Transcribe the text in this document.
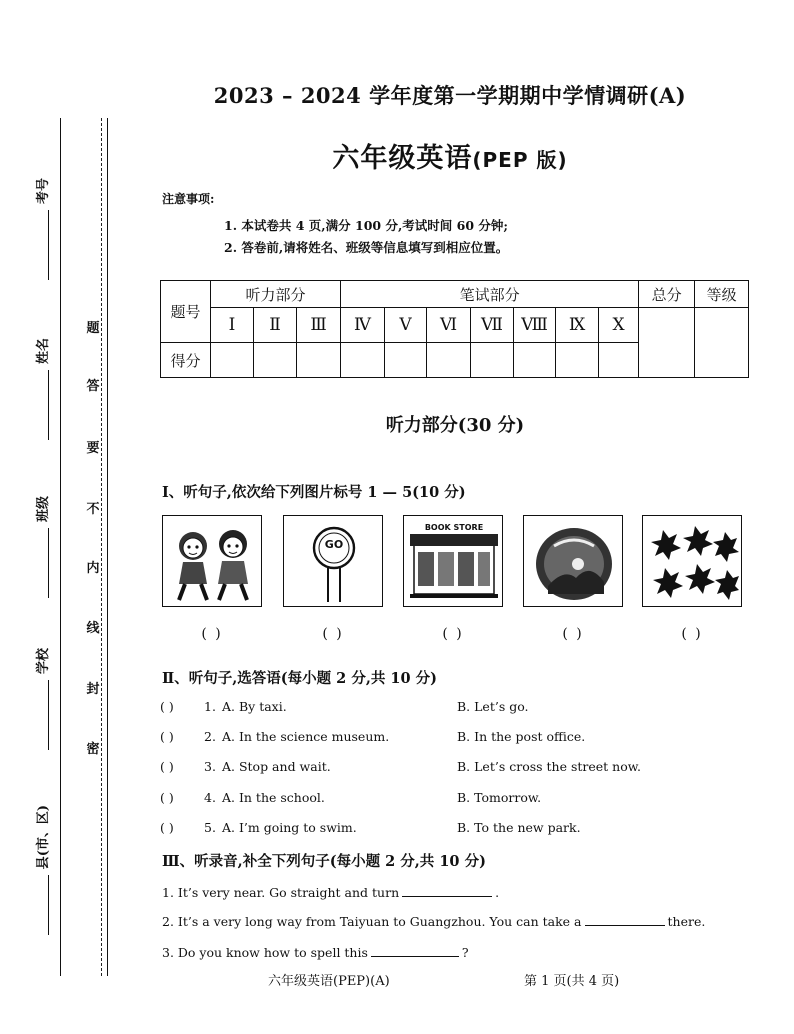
题
答
要
不
内
线
封
密
考号
姓名
班级
学校
县(市、区)
2023 – 2024 学年度第一学期期中学情调研(A)
六年级英语(PEP 版)
注意事项:
1. 本试卷共 4 页,满分 100 分,考试时间 60 分钟;
2. 答卷前,请将姓名、班级等信息填写到相应位置。
题号	听力部分			笔试部分							总分	等级
	Ⅰ	Ⅱ	Ⅲ	Ⅳ	Ⅴ	Ⅵ	Ⅶ	Ⅷ	Ⅸ	Ⅹ		
得分												
听力部分(30 分)
Ⅰ、听句子,依次给下列图片标号 1 — 5(10 分)
GO
BOOK STORE
( )	( )	( )	( )	( )
Ⅱ、听句子,选答语(每小题 2 分,共 10 分)
( ) 1. A. By taxi.	B. Let’s go.
( ) 2. A. In the science museum.	B. In the post office.
( ) 3. A. Stop and wait.	B. Let’s cross the street now.
( ) 4. A. In the school.	B. Tomorrow.
( ) 5. A. I’m going to swim.	B. To the new park.
Ⅲ、听录音,补全下列句子(每小题 2 分,共 10 分)
1. It’s very near. Go straight and turn	.
2. It’s a very long way from Taiyuan to Guangzhou. You can take a	there.
3. Do you know how to spell this	?
六年级英语(PEP)(A)	第 1 页(共 4 页)
